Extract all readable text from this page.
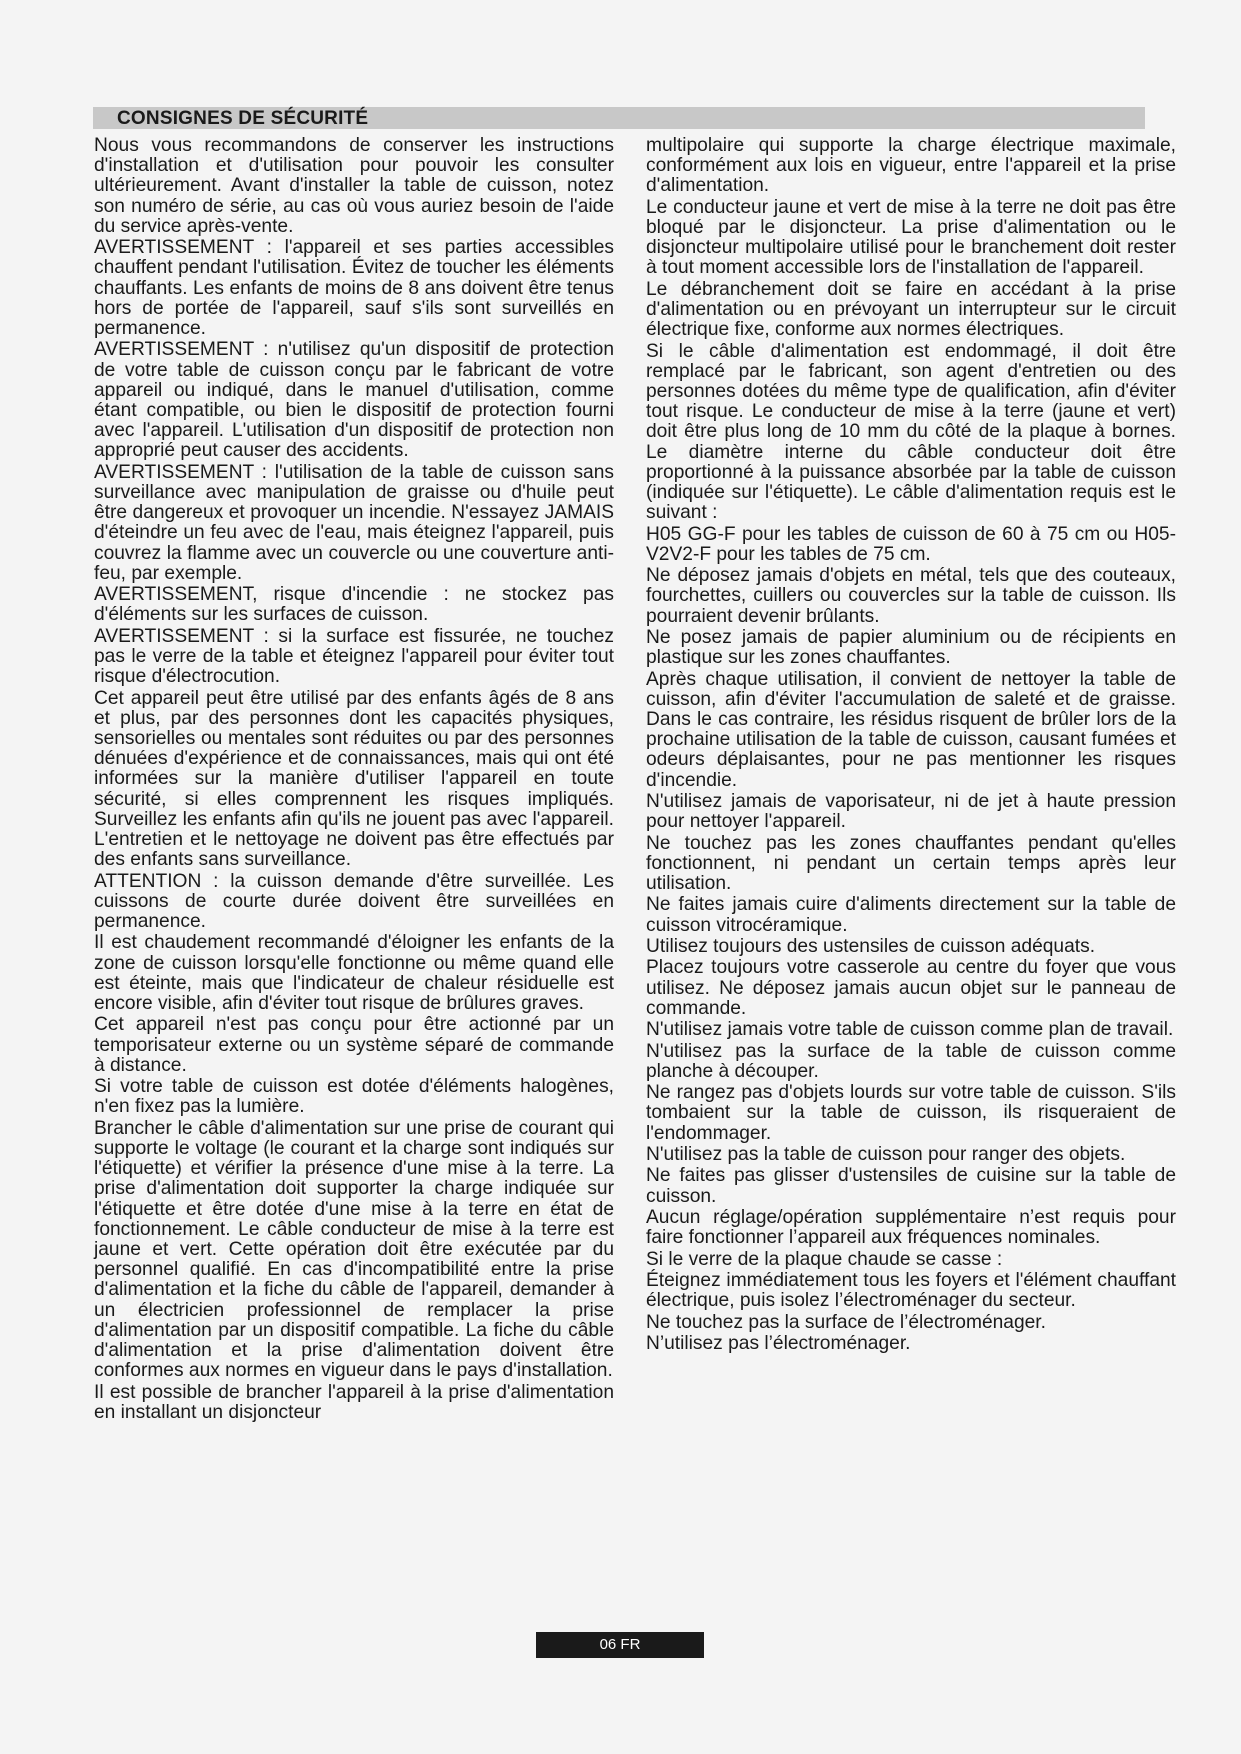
CONSIGNES DE SÉCURITÉ

Nous vous recommandons de conserver les instructions d'installation et d'utilisation pour pouvoir les consulter ultérieurement. Avant d'installer la table de cuisson, notez son numéro de série, au cas où vous auriez besoin de l'aide du service après-vente.

AVERTISSEMENT : l'appareil et ses parties accessibles chauffent pendant l'utilisation. Évitez de toucher les éléments chauffants. Les enfants de moins de 8 ans doivent être tenus hors de portée de l'appareil, sauf s'ils sont surveillés en permanence.

AVERTISSEMENT : n'utilisez qu'un dispositif de protection de votre table de cuisson conçu par le fabricant de votre appareil ou indiqué, dans le manuel d'utilisation, comme étant compatible, ou bien le dispositif de protection fourni avec l'appareil. L'utilisation d'un dispositif de protection non approprié peut causer des accidents.

AVERTISSEMENT : l'utilisation de la table de cuisson sans surveillance avec manipulation de graisse ou d'huile peut être dangereux et provoquer un incendie. N'essayez JAMAIS d'éteindre un feu avec de l'eau, mais éteignez l'appareil, puis couvrez la flamme avec un couvercle ou une couverture anti-feu, par exemple.

AVERTISSEMENT, risque d'incendie : ne stockez pas d'éléments sur les surfaces de cuisson.

AVERTISSEMENT : si la surface est fissurée, ne touchez pas le verre de la table et éteignez l'appareil pour éviter tout risque d'électrocution.

Cet appareil peut être utilisé par des enfants âgés de 8 ans et plus, par des personnes dont les capacités physiques, sensorielles ou mentales sont réduites ou par des personnes dénuées d'expérience et de connaissances, mais qui ont été informées sur la manière d'utiliser l'appareil en toute sécurité, si elles comprennent les risques impliqués. Surveillez les enfants afin qu'ils ne jouent pas avec l'appareil. L'entretien et le nettoyage ne doivent pas être effectués par des enfants sans surveillance.

ATTENTION : la cuisson demande d'être surveillée. Les cuissons de courte durée doivent être surveillées en permanence.

Il est chaudement recommandé d'éloigner les enfants de la zone de cuisson lorsqu'elle fonctionne ou même quand elle est éteinte, mais que l'indicateur de chaleur résiduelle est encore visible, afin d'éviter tout risque de brûlures graves.

Cet appareil n'est pas conçu pour être actionné par un temporisateur externe ou un système séparé de commande à distance.

Si votre table de cuisson est dotée d'éléments halogènes, n'en fixez pas la lumière.

Brancher le câble d'alimentation sur une prise de courant qui supporte le voltage (le courant et la charge sont indiqués sur l'étiquette) et vérifier la présence d'une mise à la terre. La prise d'alimentation doit supporter la charge indiquée sur l'étiquette et être dotée d'une mise à la terre en état de fonctionnement. Le câble conducteur de mise à la terre est jaune et vert. Cette opération doit être exécutée par du personnel qualifié. En cas d'incompatibilité entre la prise d'alimentation et la fiche du câble de l'appareil, demander à un électricien professionnel de remplacer la prise d'alimentation par un dispositif compatible. La fiche du câble d'alimentation et la prise d'alimentation doivent être conformes aux normes en vigueur dans le pays d'installation.

Il est possible de brancher l'appareil à la prise d'alimentation en installant un disjoncteur

multipolaire qui supporte la charge électrique maximale, conformément aux lois en vigueur, entre l'appareil et la prise d'alimentation.

Le conducteur jaune et vert de mise à la terre ne doit pas être bloqué par le disjoncteur. La prise d'alimentation ou le disjoncteur multipolaire utilisé pour le branchement doit rester à tout moment accessible lors de l'installation de l'appareil.

Le débranchement doit se faire en accédant à la prise d'alimentation ou en prévoyant un interrupteur sur le circuit électrique fixe, conforme aux normes électriques.

Si le câble d'alimentation est endommagé, il doit être remplacé par le fabricant, son agent d'entretien ou des personnes dotées du même type de qualification, afin d'éviter tout risque. Le conducteur de mise à la terre (jaune et vert) doit être plus long de 10 mm du côté de la plaque à bornes. Le diamètre interne du câble conducteur doit être proportionné à la puissance absorbée par la table de cuisson (indiquée sur l'étiquette). Le câble d'alimentation requis est le suivant :

H05 GG-F pour les tables de cuisson de 60 à 75 cm ou H05-V2V2-F pour les tables de 75 cm.

Ne déposez jamais d'objets en métal, tels que des couteaux, fourchettes, cuillers ou couvercles sur la table de cuisson. Ils pourraient devenir brûlants.

Ne posez jamais de papier aluminium ou de récipients en plastique sur les zones chauffantes.

Après chaque utilisation, il convient de nettoyer la table de cuisson, afin d'éviter l'accumulation de saleté et de graisse. Dans le cas contraire, les résidus risquent de brûler lors de la prochaine utilisation de la table de cuisson, causant fumées et odeurs déplaisantes, pour ne pas mentionner les risques d'incendie.

N'utilisez jamais de vaporisateur, ni de jet à haute pression pour nettoyer l'appareil.

Ne touchez pas les zones chauffantes pendant qu'elles fonctionnent, ni pendant un certain temps après leur utilisation.

Ne faites jamais cuire d'aliments directement sur la table de cuisson vitrocéramique.

Utilisez toujours des ustensiles de cuisson adéquats.

Placez toujours votre casserole au centre du foyer que vous utilisez. Ne déposez jamais aucun objet sur le panneau de commande.

N'utilisez jamais votre table de cuisson comme plan de travail.

N'utilisez pas la surface de la table de cuisson comme planche à découper.

Ne rangez pas d'objets lourds sur votre table de cuisson. S'ils tombaient sur la table de cuisson, ils risqueraient de l'endommager.

N'utilisez pas la table de cuisson pour ranger des objets.

Ne faites pas glisser d'ustensiles de cuisine sur la table de cuisson.

Aucun réglage/opération supplémentaire n’est requis pour faire fonctionner l’appareil aux fréquences nominales.

Si le verre de la plaque chaude se casse :

Éteignez immédiatement tous les foyers et l'élément chauffant électrique, puis isolez l’électroménager du secteur.

Ne touchez pas la surface de l’électroménager.

N’utilisez pas l’électroménager.

06 FR
